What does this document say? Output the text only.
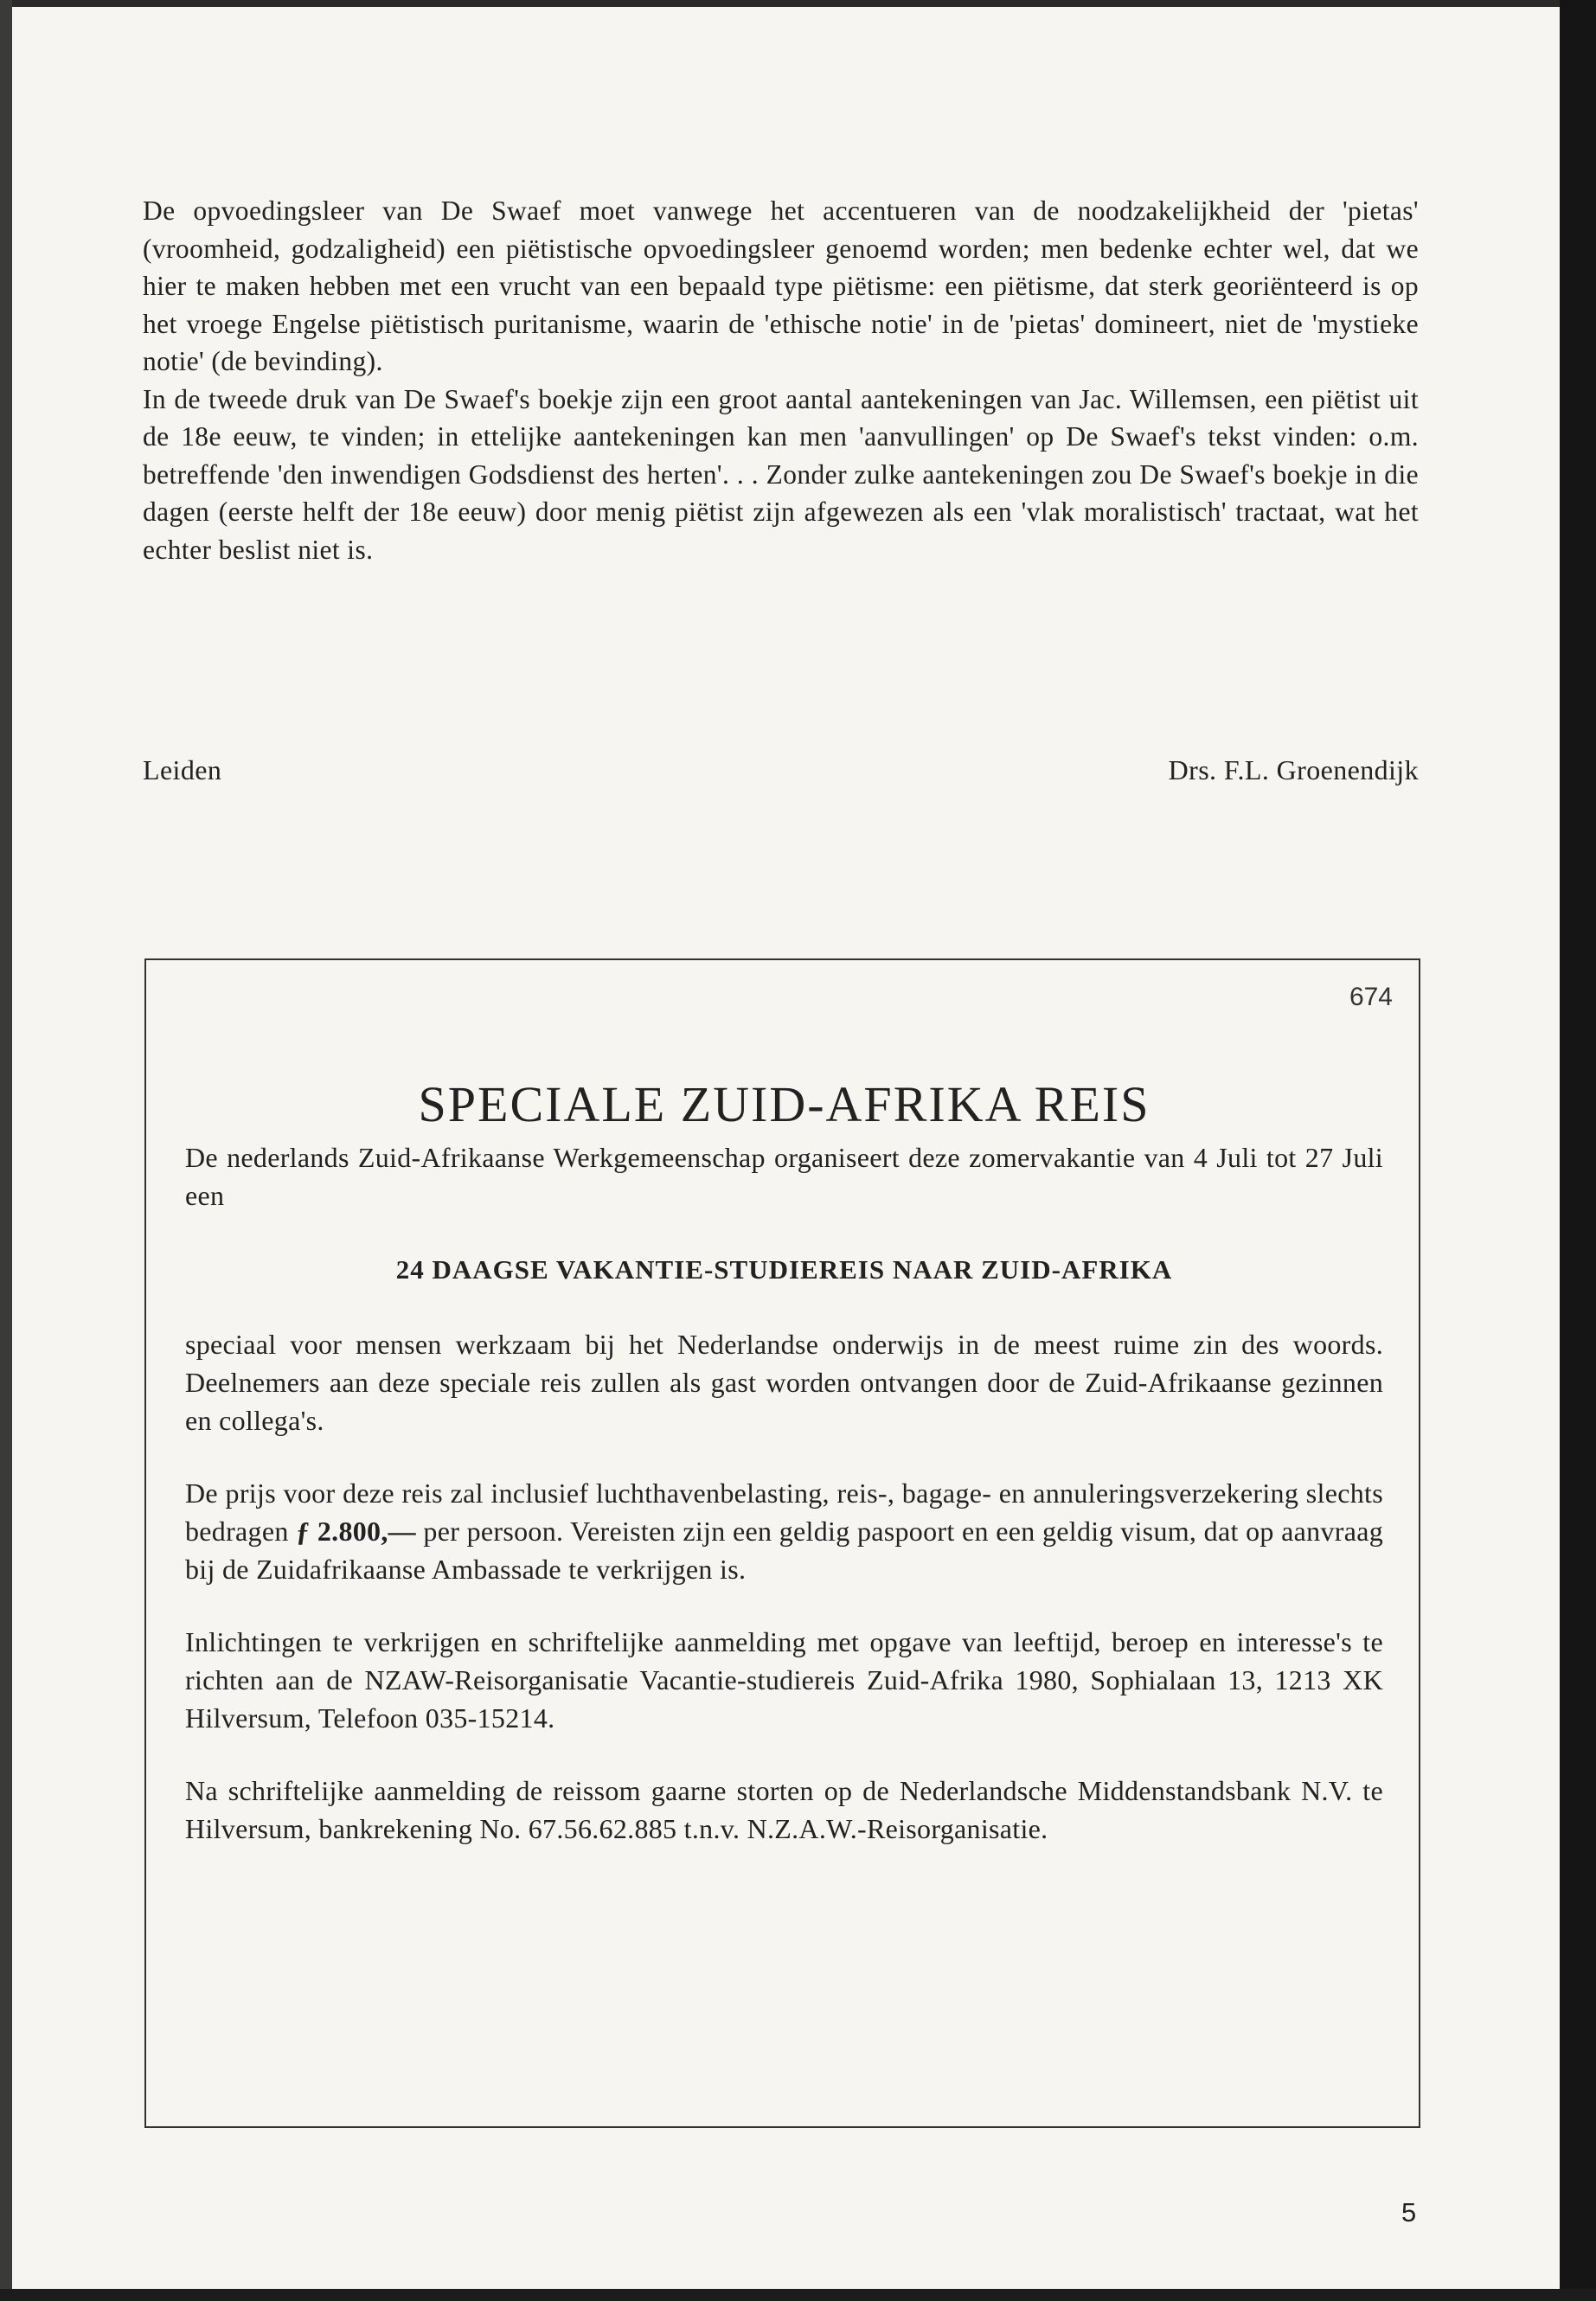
De opvoedingsleer van De Swaef moet vanwege het accentueren van de noodzakelijkheid der 'pietas' (vroomheid, godzaligheid) een piëtistische opvoedingsleer genoemd worden; men bedenke echter wel, dat we hier te maken hebben met een vrucht van een bepaald type piëtisme: een piëtisme, dat sterk georiënteerd is op het vroege Engelse piëtistisch puritanisme, waarin de 'ethische notie' in de 'pietas' domineert, niet de 'mystieke notie' (de bevinding).

In de tweede druk van De Swaef's boekje zijn een groot aantal aantekeningen van Jac. Willemsen, een piëtist uit de 18e eeuw, te vinden; in ettelijke aantekeningen kan men 'aanvullingen' op De Swaef's tekst vinden: o.m. betreffende 'den inwendigen Godsdienst des herten'. . . Zonder zulke aantekeningen zou De Swaef's boekje in die dagen (eerste helft der 18e eeuw) door menig piëtist zijn afgewezen als een 'vlak moralistisch' tractaat, wat het echter beslist niet is.

Leiden	Drs. F.L. Groenendijk
674
SPECIALE ZUID-AFRIKA REIS

De nederlands Zuid-Afrikaanse Werkgemeenschap organiseert deze zomervakantie van 4 Juli tot 27 Juli een

24 DAAGSE VAKANTIE-STUDIEREIS NAAR ZUID-AFRIKA

speciaal voor mensen werkzaam bij het Nederlandse onderwijs in de meest ruime zin des woords. Deelnemers aan deze speciale reis zullen als gast worden ontvangen door de Zuid-Afrikaanse gezinnen en collega's.

De prijs voor deze reis zal inclusief luchthavenbelasting, reis-, bagage- en annuleringsverzekering slechts bedragen ƒ 2.800,— per persoon. Vereisten zijn een geldig paspoort en een geldig visum, dat op aanvraag bij de Zuidafrikaanse Ambassade te verkrijgen is.

Inlichtingen te verkrijgen en schriftelijke aanmelding met opgave van leeftijd, beroep en interesse's te richten aan de NZAW-Reisorganisatie Vacantie-studiereis Zuid-Afrika 1980, Sophialaan 13, 1213 XK Hilversum, Telefoon 035-15214.

Na schriftelijke aanmelding de reissom gaarne storten op de Nederlandsche Middenstandsbank N.V. te Hilversum, bankrekening No. 67.56.62.885 t.n.v. N.Z.A.W.-Reisorganisatie.

5
